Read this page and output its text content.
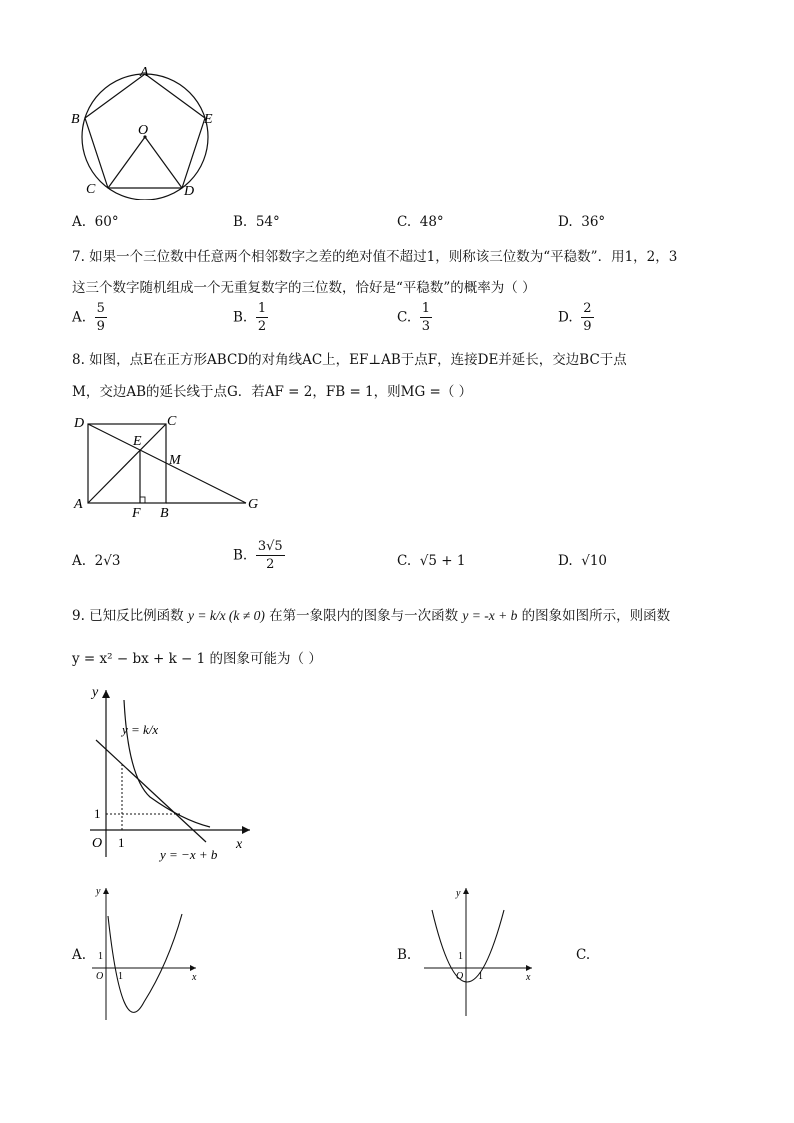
A
B	E
O
C	D
A. 60°	B. 54°	C. 48°	D. 36°
7. 如果一个三位数中任意两个相邻数字之差的绝对值不超过1，则称该三位数为“平稳数”．用1，2，3
这三个数字随机组成一个无重复数字的三位数，恰好是“平稳数”的概率为（ ）
A. $\frac{5}{9}$	B. $\frac{1}{2}$	C. $\frac{1}{3}$	D. $\frac{2}{9}$
8. 如图，点E在正方形ABCD的对角线AC上，EF⊥AB于点F，连接DE并延长，交边BC于点
M，交边AB的延长线于点G．若AF = 2，FB = 1，则MG =（ ）
D	C
E
M
A
F B
G
A. 2√3	B. $\frac{3√5}{2}$	C. √5 + 1	D. √10
9. 已知反比例函数 y = k/x (k ≠ 0) 在第一象限内的图象与一次函数 y = -x + b 的图象如图所示，则函数
y = x² − bx + k − 1 的图象可能为（ ）
y
x
O 1
1
y = k/x
y = −x + b
A.
y
x
O 1
1	B.
y
x
O 1
1	C.
